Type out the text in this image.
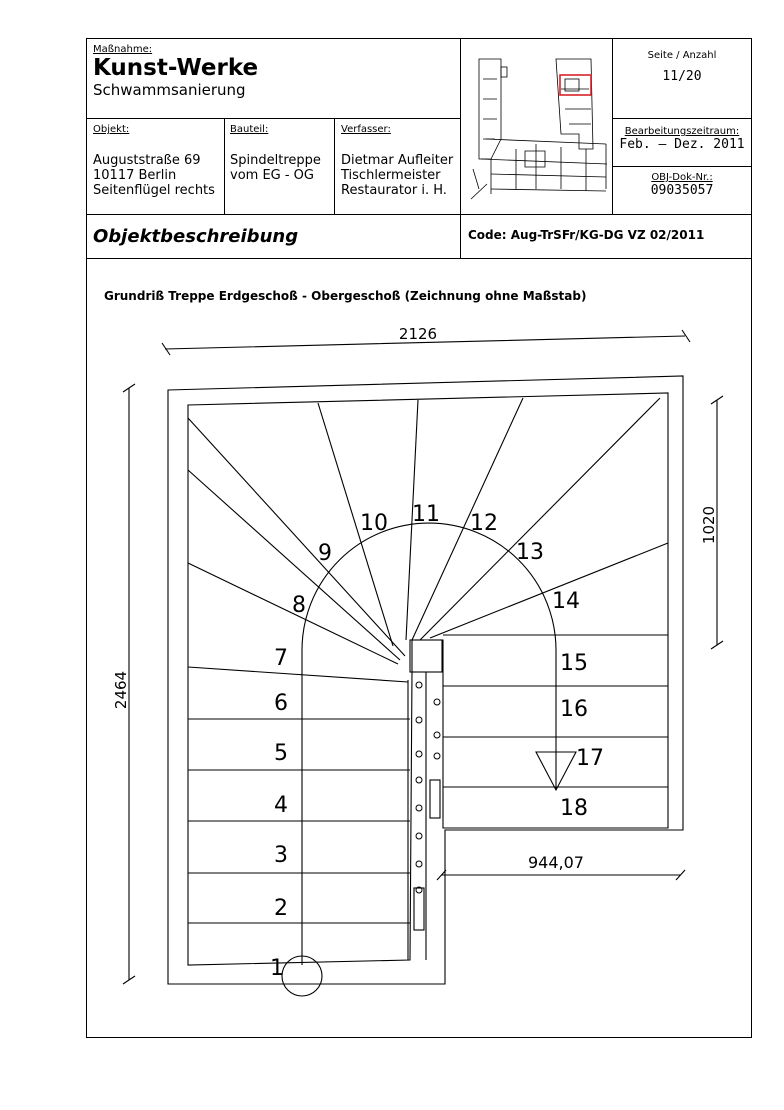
Maßnahme:
Kunst-Werke
Schwammsanierung
Objekt:
Auguststraße 69
10117 Berlin
Seitenflügel rechts
Bauteil:
Spindeltreppe
vom EG - OG
Verfasser:
Dietmar Aufleiter
Tischlermeister
Restaurator i. H.
Seite / Anzahl
11/20
Bearbeitungszeitraum:
Feb. – Dez. 2011
OBJ-Dok-Nr.:
09035057
Objektbeschreibung	Code: Aug-TrSFr/KG-DG VZ 02/2011
Grundriß Treppe Erdgeschoß - Obergeschoß (Zeichnung ohne Maßstab)
2126
2464
1020
944,07
1
2
3
4
5
6
7
8
9
10 11 12
13
14
15
16
17
18
